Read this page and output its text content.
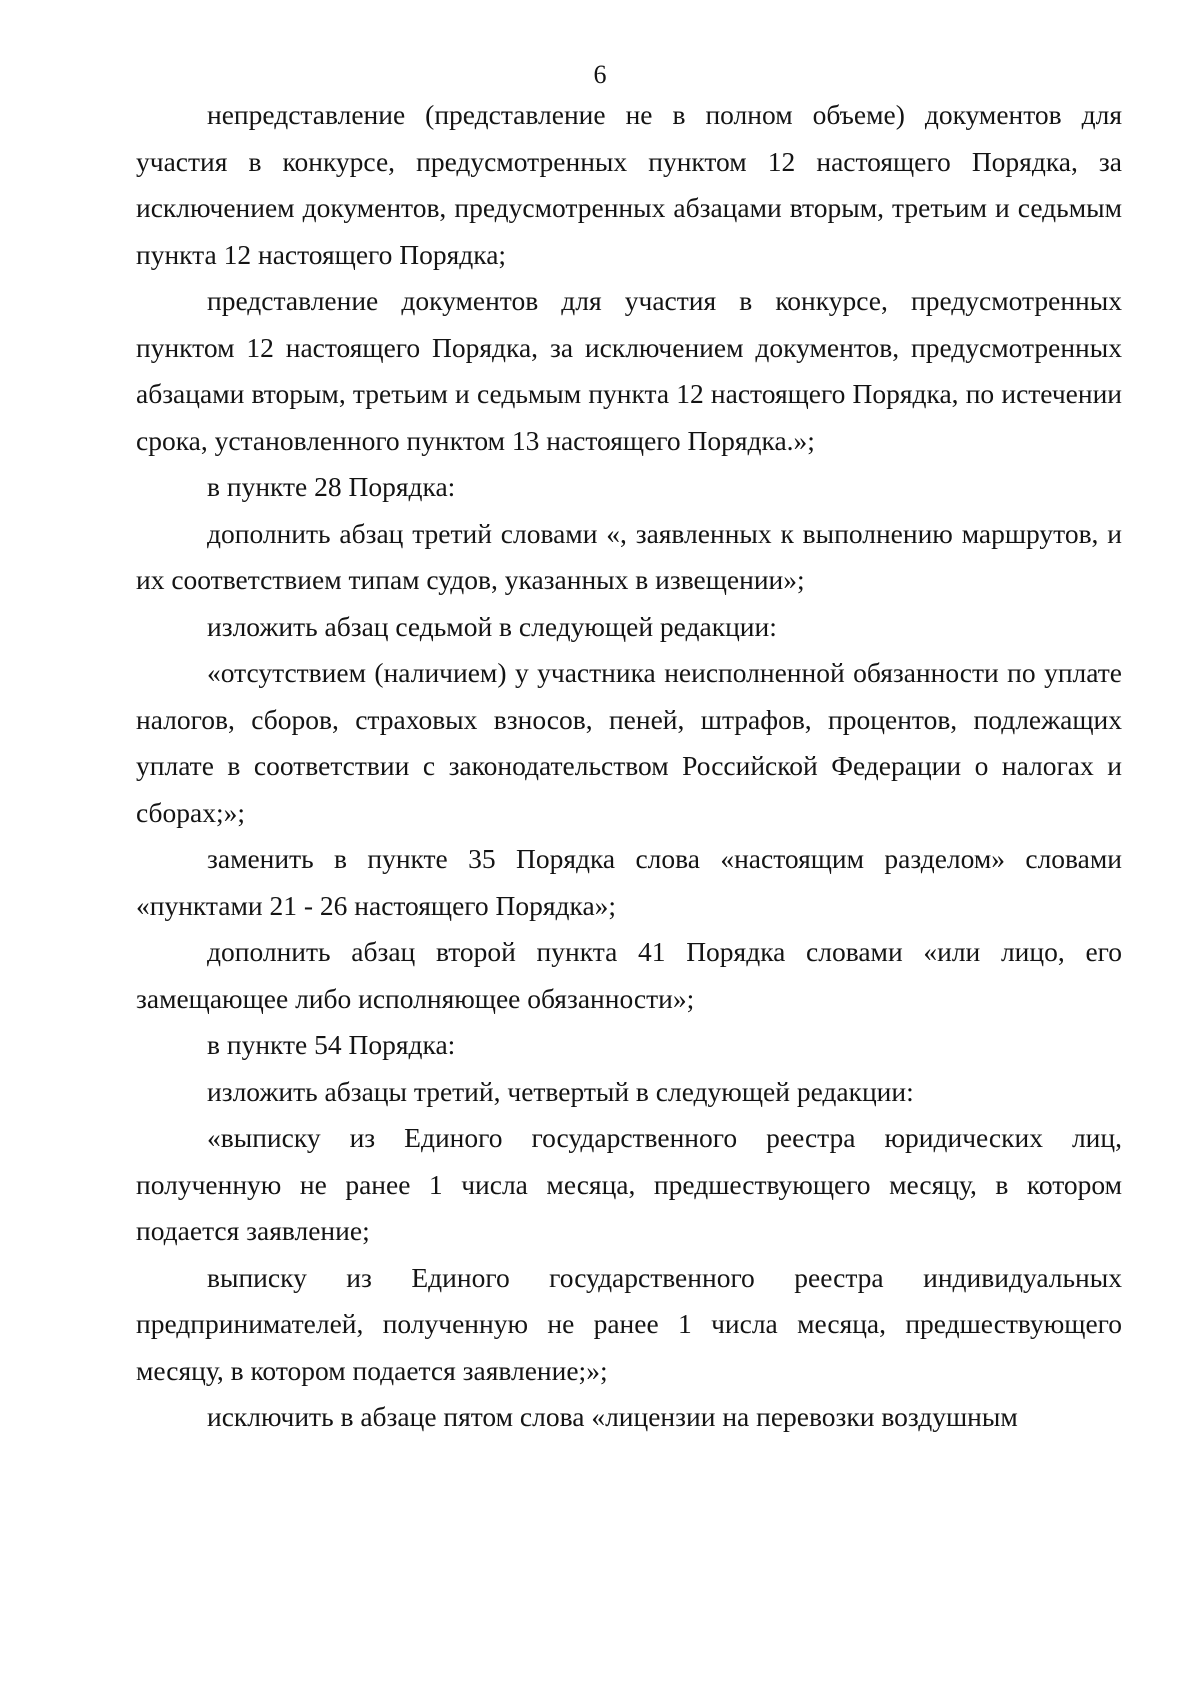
6

непредставление (представление не в полном объеме) документов для участия в конкурсе, предусмотренных пунктом 12 настоящего Порядка, за исключением документов, предусмотренных абзацами вторым, третьим и седьмым пункта 12 настоящего Порядка;

представление документов для участия в конкурсе, предусмотренных пунктом 12 настоящего Порядка, за исключением документов, предусмотренных абзацами вторым, третьим и седьмым пункта 12 настоящего Порядка, по истечении срока, установленного пунктом 13 настоящего Порядка.»;

в пункте 28 Порядка:

дополнить абзац третий словами «, заявленных к выполнению маршрутов, и их соответствием типам судов, указанных в извещении»;

изложить абзац седьмой в следующей редакции:

«отсутствием (наличием) у участника неисполненной обязанности по уплате налогов, сборов, страховых взносов, пеней, штрафов, процентов, подлежащих уплате в соответствии с законодательством Российской Федерации о налогах и сборах;»;

заменить в пункте 35 Порядка слова «настоящим разделом» словами «пунктами 21 - 26 настоящего Порядка»;

дополнить абзац второй пункта 41 Порядка словами «или лицо, его замещающее либо исполняющее обязанности»;

в пункте 54 Порядка:

изложить абзацы третий, четвертый в следующей редакции:

«выписку из Единого государственного реестра юридических лиц, полученную не ранее 1 числа месяца, предшествующего месяцу, в котором подается заявление;

выписку из Единого государственного реестра индивидуальных предпринимателей, полученную не ранее 1 числа месяца, предшествующего месяцу, в котором подается заявление;»;

исключить в абзаце пятом слова «лицензии на перевозки воздушным
